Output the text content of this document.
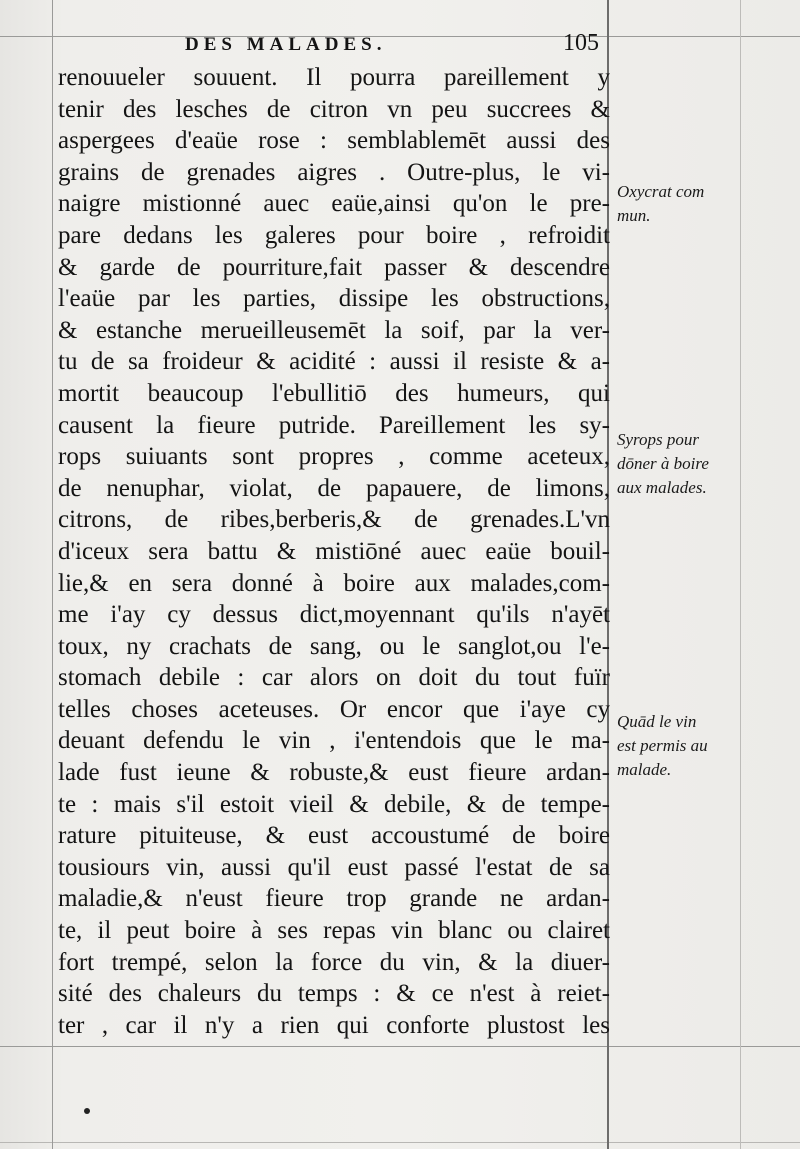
DES MALADES.	105
renouueler souuent. Il pourra pareillement y
tenir des lesches de citron vn peu succrees &
aspergees d'eaüe rose : semblablemēt aussi des
grains de grenades aigres . Outre-plus, le vi-
naigre mistionné auec eaüe,ainsi qu'on le pre-
pare dedans les galeres pour boire , refroidit
& garde de pourriture,fait passer & descendre
l'eaüe par les parties, dissipe les obstructions,
& estanche merueilleusemēt la soif, par la ver-
tu de sa froideur & acidité : aussi il resiste & a-
mortit beaucoup l'ebullitiō des humeurs, qui
causent la fieure putride. Pareillement les sy-
rops suiuants sont propres , comme aceteux,
de nenuphar, violat, de papauere, de limons,
citrons, de ribes,berberis,& de grenades.L'vn
d'iceux sera battu & mistiōné auec eaüe bouil-
lie,& en sera donné à boire aux malades,com-
me i'ay cy dessus dict,moyennant qu'ils n'ayēt
toux, ny crachats de sang, ou le sanglot,ou l'e-
stomach debile : car alors on doit du tout fuïr
telles choses aceteuses. Or encor que i'aye cy
deuant defendu le vin , i'entendois que le ma-
lade fust ieune & robuste,& eust fieure ardan-
te : mais s'il estoit vieil & debile, & de tempe-
rature pituiteuse, & eust accoustumé de boire
tousiours vin, aussi qu'il eust passé l'estat de sa
maladie,& n'eust fieure trop grande ne ardan-
te, il peut boire à ses repas vin blanc ou clairet
fort trempé, selon la force du vin, & la diuer-
sité des chaleurs du temps : & ce n'est à reiet-
ter , car il n'y a rien qui conforte plustost les
Oxycrat com
mun.
Syrops pour
dōner à boire
aux malades.
Quād le vin
est permis au
malade.
